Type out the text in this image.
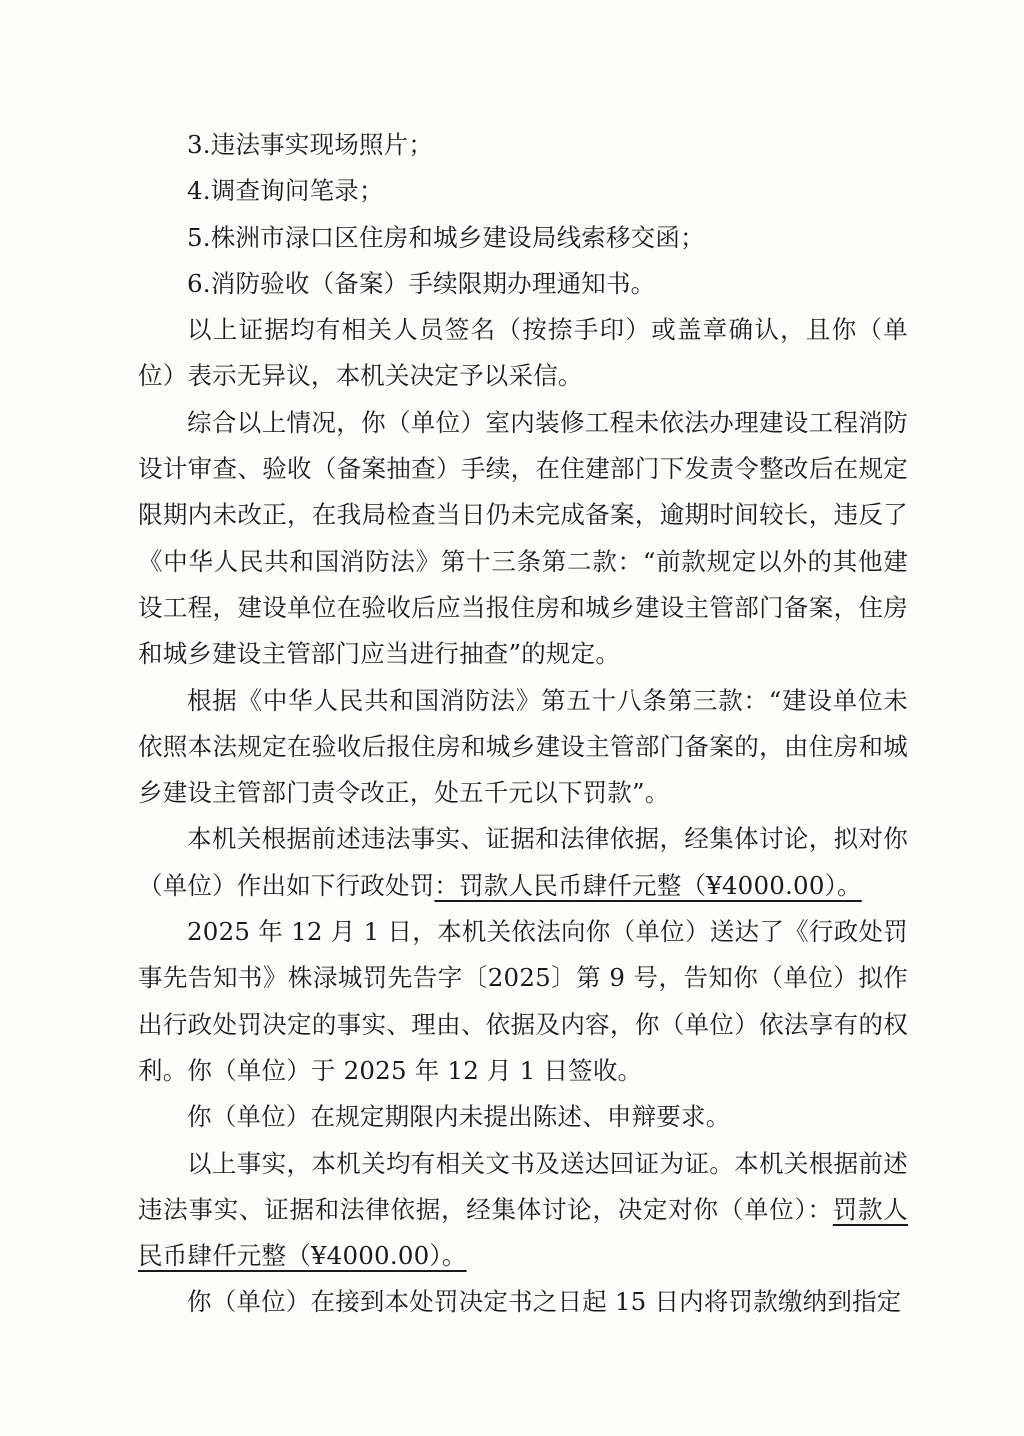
3.违法事实现场照片；

4.调查询问笔录；

5.株洲市渌口区住房和城乡建设局线索移交函；

6.消防验收（备案）手续限期办理通知书。

以上证据均有相关人员签名（按捺手印）或盖章确认，且你（单位）表示无异议，本机关决定予以采信。

综合以上情况，你（单位）室内装修工程未依法办理建设工程消防设计审查、验收（备案抽查）手续，在住建部门下发责令整改后在规定限期内未改正，在我局检查当日仍未完成备案，逾期时间较长，违反了《中华人民共和国消防法》第十三条第二款：“前款规定以外的其他建设工程，建设单位在验收后应当报住房和城乡建设主管部门备案，住房和城乡建设主管部门应当进行抽查”的规定。

根据《中华人民共和国消防法》第五十八条第三款：“建设单位未依照本法规定在验收后报住房和城乡建设主管部门备案的，由住房和城乡建设主管部门责令改正，处五千元以下罚款”。

本机关根据前述违法事实、证据和法律依据，经集体讨论，拟对你（单位）作出如下行政处罚：罚款人民币肆仟元整（¥4000.00）。

2025 年 12 月 1 日，本机关依法向你（单位）送达了《行政处罚事先告知书》株渌城罚先告字〔2025〕第 9 号，告知你（单位）拟作出行政处罚决定的事实、理由、依据及内容，你（单位）依法享有的权利。你（单位）于 2025 年 12 月 1 日签收。

你（单位）在规定期限内未提出陈述、申辩要求。

以上事实，本机关均有相关文书及送达回证为证。本机关根据前述违法事实、证据和法律依据，经集体讨论，决定对你（单位）：罚款人民币肆仟元整（¥4000.00）。

你（单位）在接到本处罚决定书之日起 15 日内将罚款缴纳到指定
